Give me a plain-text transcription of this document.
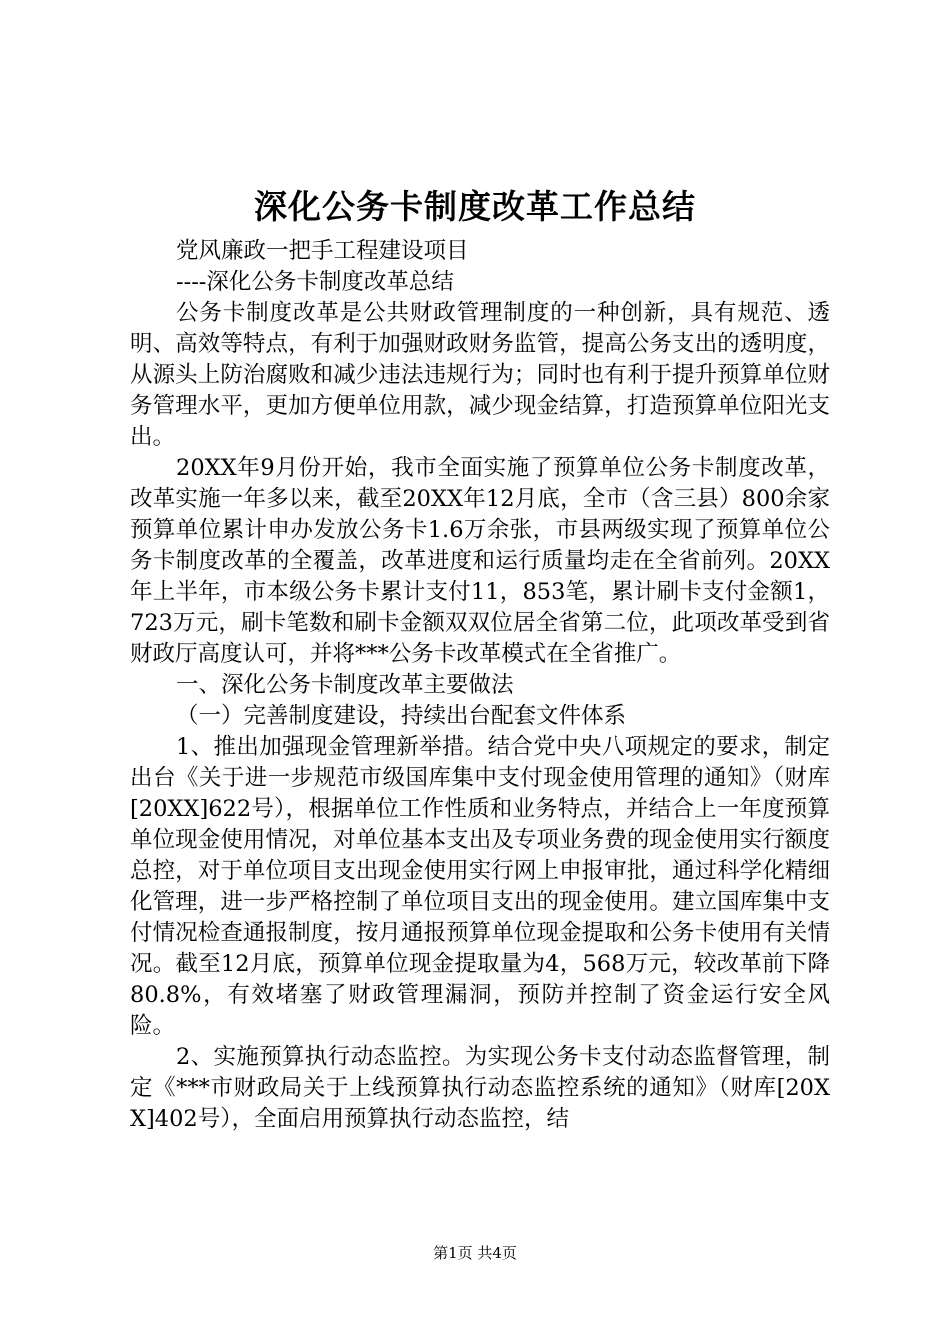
深化公务卡制度改革工作总结

党风廉政一把手工程建设项目

----深化公务卡制度改革总结

公务卡制度改革是公共财政管理制度的一种创新，具有规范、透明、高效等特点，有利于加强财政财务监管，提高公务支出的透明度，从源头上防治腐败和减少违法违规行为；同时也有利于提升预算单位财务管理水平，更加方便单位用款，减少现金结算，打造预算单位阳光支出。

20XX年9月份开始，我市全面实施了预算单位公务卡制度改革，改革实施一年多以来，截至20XX年12月底，全市（含三县）800余家预算单位累计申办发放公务卡1.6万余张，市县两级实现了预算单位公务卡制度改革的全覆盖，改革进度和运行质量均走在全省前列。20XX年上半年，市本级公务卡累计支付11，853笔，累计刷卡支付金额1，723万元，刷卡笔数和刷卡金额双双位居全省第二位，此项改革受到省财政厅高度认可，并将***公务卡改革模式在全省推广。

一、深化公务卡制度改革主要做法

（一）完善制度建设，持续出台配套文件体系

1、推出加强现金管理新举措。结合党中央八项规定的要求，制定出台《关于进一步规范市级国库集中支付现金使用管理的通知》（财库[20XX]622号），根据单位工作性质和业务特点，并结合上一年度预算单位现金使用情况，对单位基本支出及专项业务费的现金使用实行额度总控，对于单位项目支出现金使用实行网上申报审批，通过科学化精细化管理，进一步严格控制了单位项目支出的现金使用。建立国库集中支付情况检查通报制度，按月通报预算单位现金提取和公务卡使用有关情况。截至12月底，预算单位现金提取量为4，568万元，较改革前下降80.8%，有效堵塞了财政管理漏洞，预防并控制了资金运行安全风险。

2、实施预算执行动态监控。为实现公务卡支付动态监督管理，制定《***市财政局关于上线预算执行动态监控系统的通知》（财库[20XX]402号），全面启用预算执行动态监控，结

第1页 共4页
